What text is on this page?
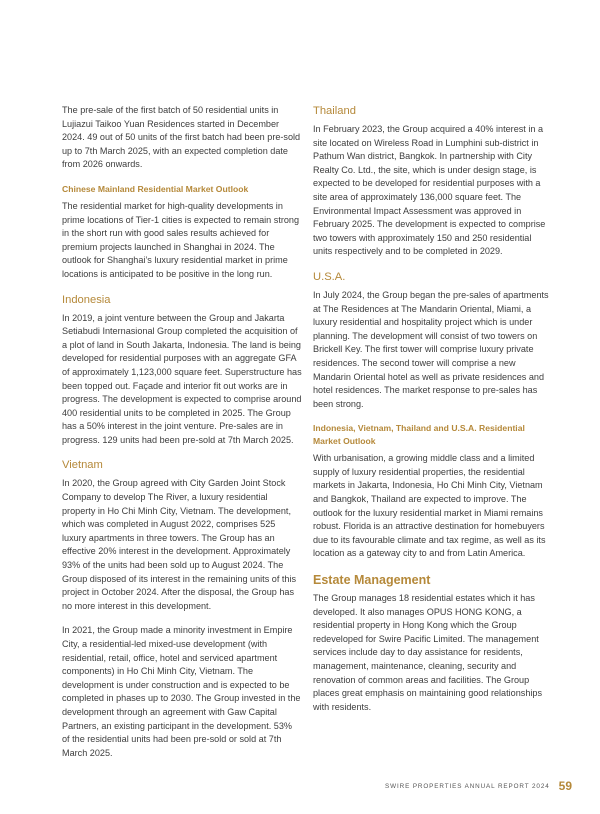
The pre-sale of the first batch of 50 residential units in Lujiazui Taikoo Yuan Residences started in December 2024. 49 out of 50 units of the first batch had been pre-sold up to 7th March 2025, with an expected completion date from 2026 onwards.

Chinese Mainland Residential Market Outlook

The residential market for high-quality developments in prime locations of Tier-1 cities is expected to remain strong in the short run with good sales results achieved for premium projects launched in Shanghai in 2024. The outlook for Shanghai’s luxury residential market in prime locations is anticipated to be positive in the long run.

Indonesia

In 2019, a joint venture between the Group and Jakarta Setiabudi Internasional Group completed the acquisition of a plot of land in South Jakarta, Indonesia. The land is being developed for residential purposes with an aggregate GFA of approximately 1,123,000 square feet. Superstructure has been topped out. Façade and interior fit out works are in progress. The development is expected to comprise around 400 residential units to be completed in 2025. The Group has a 50% interest in the joint venture. Pre-sales are in progress. 129 units had been pre-sold at 7th March 2025.

Vietnam

In 2020, the Group agreed with City Garden Joint Stock Company to develop The River, a luxury residential property in Ho Chi Minh City, Vietnam. The development, which was completed in August 2022, comprises 525 luxury apartments in three towers. The Group has an effective 20% interest in the development. Approximately 93% of the units had been sold up to August 2024. The Group disposed of its interest in the remaining units of this project in October 2024. After the disposal, the Group has no more interest in this development.

In 2021, the Group made a minority investment in Empire City, a residential-led mixed-use development (with residential, retail, office, hotel and serviced apartment components) in Ho Chi Minh City, Vietnam. The development is under construction and is expected to be completed in phases up to 2030. The Group invested in the development through an agreement with Gaw Capital Partners, an existing participant in the development. 53% of the residential units had been pre-sold or sold at 7th March 2025.

Thailand

In February 2023, the Group acquired a 40% interest in a site located on Wireless Road in Lumphini sub-district in Pathum Wan district, Bangkok. In partnership with City Realty Co. Ltd., the site, which is under design stage, is expected to be developed for residential purposes with a site area of approximately 136,000 square feet. The Environmental Impact Assessment was approved in February 2025. The development is expected to comprise two towers with approximately 150 and 250 residential units respectively and to be completed in 2029.

U.S.A.

In July 2024, the Group began the pre-sales of apartments at The Residences at The Mandarin Oriental, Miami, a luxury residential and hospitality project which is under planning. The development will consist of two towers on Brickell Key. The first tower will comprise luxury private residences. The second tower will comprise a new Mandarin Oriental hotel as well as private residences and hotel residences. The market response to pre-sales has been strong.

Indonesia, Vietnam, Thailand and U.S.A. Residential Market Outlook

With urbanisation, a growing middle class and a limited supply of luxury residential properties, the residential markets in Jakarta, Indonesia, Ho Chi Minh City, Vietnam and Bangkok, Thailand are expected to improve. The outlook for the luxury residential market in Miami remains robust. Florida is an attractive destination for homebuyers due to its favourable climate and tax regime, as well as its location as a gateway city to and from Latin America.

Estate Management

The Group manages 18 residential estates which it has developed. It also manages OPUS HONG KONG, a residential property in Hong Kong which the Group redeveloped for Swire Pacific Limited. The management services include day to day assistance for residents, management, maintenance, cleaning, security and renovation of common areas and facilities. The Group places great emphasis on maintaining good relationships with residents.

SWIRE PROPERTIES ANNUAL REPORT 2024 59
